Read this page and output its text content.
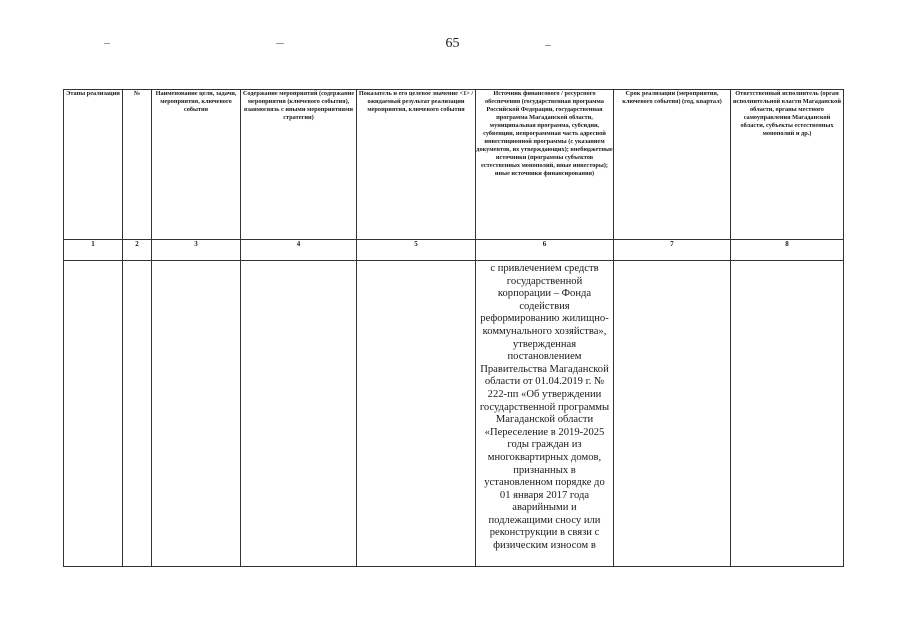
65
Этапы реализации	№	Наименование цели, задачи, мероприятия, ключевого события	Содержание мероприятий (содержание мероприятия (ключевого события), взаимосвязь с иными мероприятиями стратегии)	Показатель и его целевое значение <1> /ожидаемый результат реализации мероприятия, ключевого события	Источник финансового / ресурсного обеспечения (государственная программа Российской Федерации, государственная программа Магаданской области, муниципальная программа, субсидии, субвенции, непрограммная часть адресной инвестиционной программы (с указанием документов, их утверждающих); внебюджетные источники (программы субъектов естественных монополий, иные инвесторы); иные источники финансирования)	Срок реализации (мероприятия, ключевого события) (год, квартал)	Ответственный исполнитель (орган исполнительной власти Магаданской области, органы местного самоуправления Магаданской области, субъекты естественных монополий и др.)
1	2	3	4	5	6	7	8

					с привлечением средств государственной корпорации – Фонда содействия реформированию жилищно-коммунального хозяйства», утвержденная постановлением Правительства Магаданской области от 01.04.2019 г. № 222-пп «Об утверждении государственной программы Магаданской области «Переселение в 2019-2025 годы граждан из многоквартирных домов, признанных в установленном порядке до 01 января 2017 года аварийными и подлежащими сносу или реконструкции в связи с физическим износом в		
